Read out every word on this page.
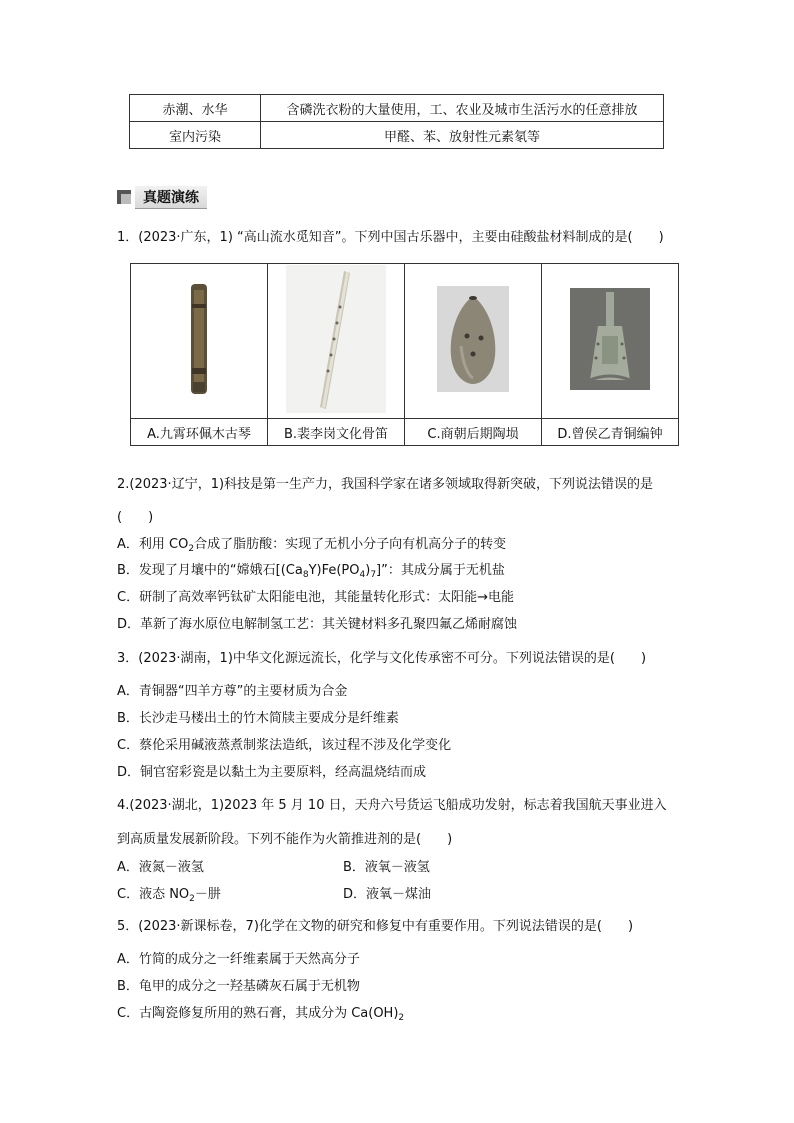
赤潮、水华	含磷洗衣粉的大量使用，工、农业及城市生活污水的任意排放
室内污染	甲醛、苯、放射性元素氡等
真题演练
1．(2023·广东，1) “高山流水觅知音”。下列中国古乐器中，主要由硅酸盐材料制成的是(　　)

A.九霄环佩木古琴	B.裴李岗文化骨笛	C.商朝后期陶埙	D.曾侯乙青铜编钟
2.(2023·辽宁，1)科技是第一生产力，我国科学家在诸多领域取得新突破，下列说法错误的是
(　　)
A．利用 $CO_2$合成了脂肪酸：实现了无机小分子向有机高分子的转变
B．发现了月壤中的“嫦娥石$[(Ca_8Y)Fe(PO_4)_7]$”：其成分属于无机盐
C．研制了高效率钙钛矿太阳能电池，其能量转化形式：太阳能→电能
D．革新了海水原位电解制氢工艺：其关键材料多孔聚四氟乙烯耐腐蚀
3．(2023·湖南，1)中华文化源远流长，化学与文化传承密不可分。下列说法错误的是(　　)
A．青铜器“四羊方尊”的主要材质为合金
B．长沙走马楼出土的竹木简牍主要成分是纤维素
C．蔡伦采用碱液蒸煮制浆法造纸，该过程不涉及化学变化
D．铜官窑彩瓷是以黏土为主要原料，经高温烧结而成
4.(2023·湖北，1)2023 年 5 月 10 日，天舟六号货运飞船成功发射，标志着我国航天事业进入
到高质量发展新阶段。下列不能作为火箭推进剂的是(　　)
A．液氮－液氢	B．液氧－液氢
C．液态 $NO_2-$肼	D．液氧－煤油
5．(2023·新课标卷，7)化学在文物的研究和修复中有重要作用。下列说法错误的是(　　)
A．竹简的成分之一纤维素属于天然高分子
B．龟甲的成分之一羟基磷灰石属于无机物
C．古陶瓷修复所用的熟石膏，其成分为 $Ca(OH)_2$
